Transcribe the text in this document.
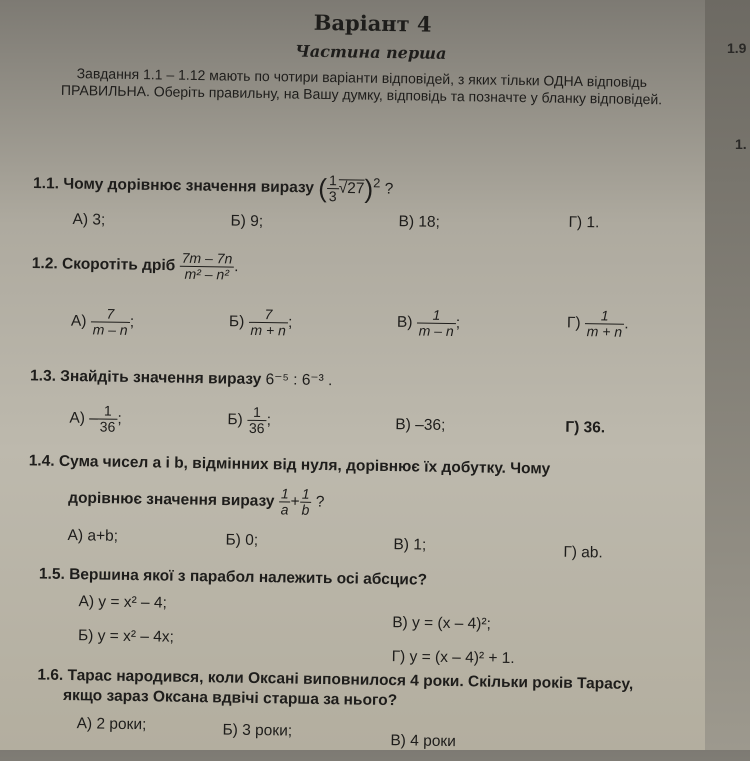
1.9
1.
Варіант 4
Частина перша
Завдання 1.1 – 1.12 мають по чотири варіанти відповідей, з яких тільки ОДНА відповідь ПРАВИЛЬНА. Оберіть правильну, на Вашу думку, відповідь та позначте у бланку відповідей.
1.1. Чому дорівнює значення виразу ( $\frac{1}{3} √27)^2$ ?
А) 3;	Б) 9;	В) 18;	Г) 1.
1.2. Скоротіть дріб $\frac{7m - 7n}{\text{m² – n²}}$ .
$А) \frac{7}{m - n}$ ;	$Б) \frac{7}{m + n}$ ;	$В) \frac{1}{m - n}$ ;	$Г) \frac{1}{m + n}$ .
1.3. Знайдіть значення виразу 6⁻⁵ : 6⁻³ .
$А) - \frac{1}{36}$ ;	$Б) \frac{1}{36}$ ;	В) –36;	Г) 36.
1.4. Сума чисел a і b, відмінних від нуля, дорівнює їх добутку. Чому
дорівнює значення виразу $\frac{1}{a} + \frac{1}{b}$ ?
А) a+b;	Б) 0;	В) 1;	Г) ab.
1.5. Вершина якої з парабол належить осі абсцис?
А) y = x² – 4;
Б) y = x² – 4x;
В) y = (x – 4)²;
Г) y = (x – 4)² + 1.
1.6. Тарас народився, коли Оксані виповнилося 4 роки. Скільки років Тарасу,
якщо зараз Оксана вдвічі старша за нього?
А) 2 роки;	Б) 3 роки;
В) 4 роки
